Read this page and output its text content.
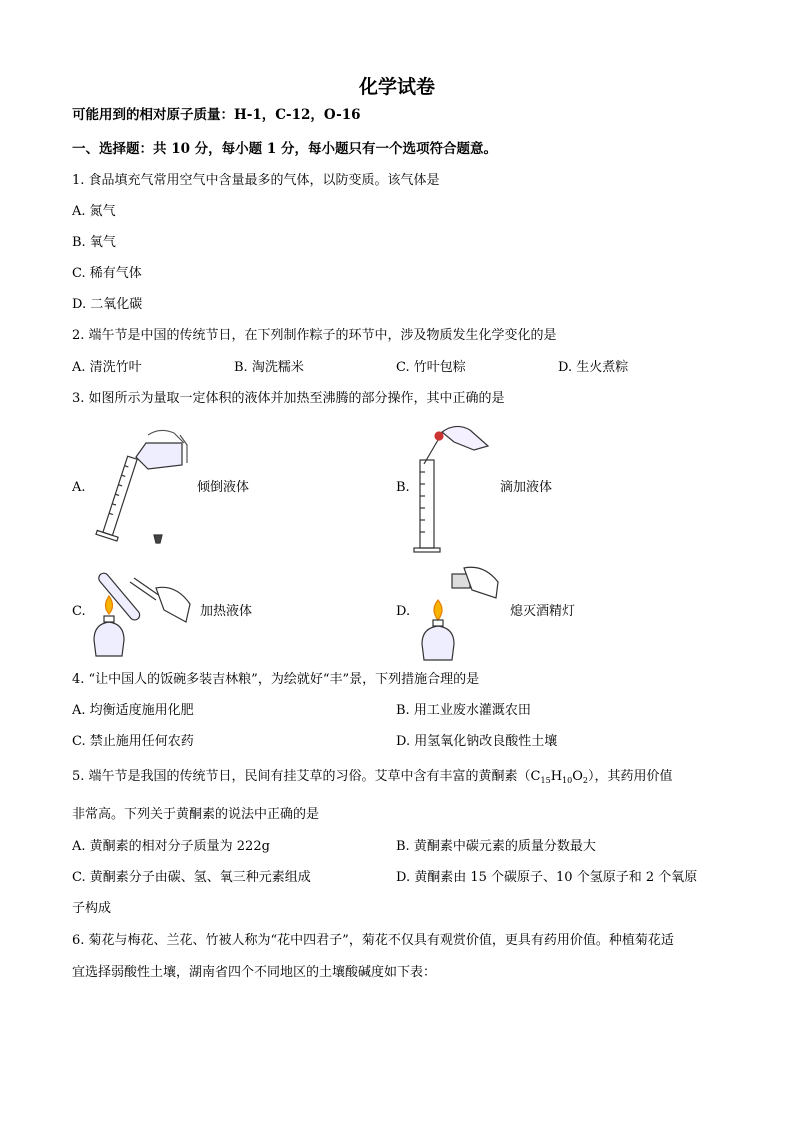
化学试卷
可能用到的相对原子质量：H-1，C-12，O-16
一、选择题：共 10 分，每小题 1 分，每小题只有一个选项符合题意。
1. 食品填充气常用空气中含量最多的气体，以防变质。该气体是
A. 氮气
B. 氧气
C. 稀有气体
D. 二氧化碳
2. 端午节是中国的传统节日，在下列制作粽子的环节中，涉及物质发生化学变化的是
A. 清洗竹叶	B. 淘洗糯米	C. 竹叶包粽	D. 生火煮粽
3. 如图所示为量取一定体积的液体并加热至沸腾的部分操作，其中正确的是
A.	倾倒液体	B.	滴加液体
C.	加热液体	D.	熄灭酒精灯
4. “让中国人的饭碗多装吉林粮”，为绘就好“丰”景，下列措施合理的是
A. 均衡适度施用化肥	B. 用工业废水灌溉农田
C. 禁止施用任何农药	D. 用氢氧化钠改良酸性土壤
5. 端午节是我国的传统节日，民间有挂艾草的习俗。艾草中含有丰富的黄酮素$(C_{15}H_{10}O_2)$，其药用价值
非常高。下列关于黄酮素的说法中正确的是
A. 黄酮素的相对分子质量为 222g	B. 黄酮素中碳元素的质量分数最大
C. 黄酮素分子由碳、氢、氧三种元素组成	D. 黄酮素由 15 个碳原子、10 个氢原子和 2 个氧原
子构成
6. 菊花与梅花、兰花、竹被人称为“花中四君子”，菊花不仅具有观赏价值，更具有药用价值。种植菊花适
宜选择弱酸性土壤，湖南省四个不同地区的土壤酸碱度如下表：
